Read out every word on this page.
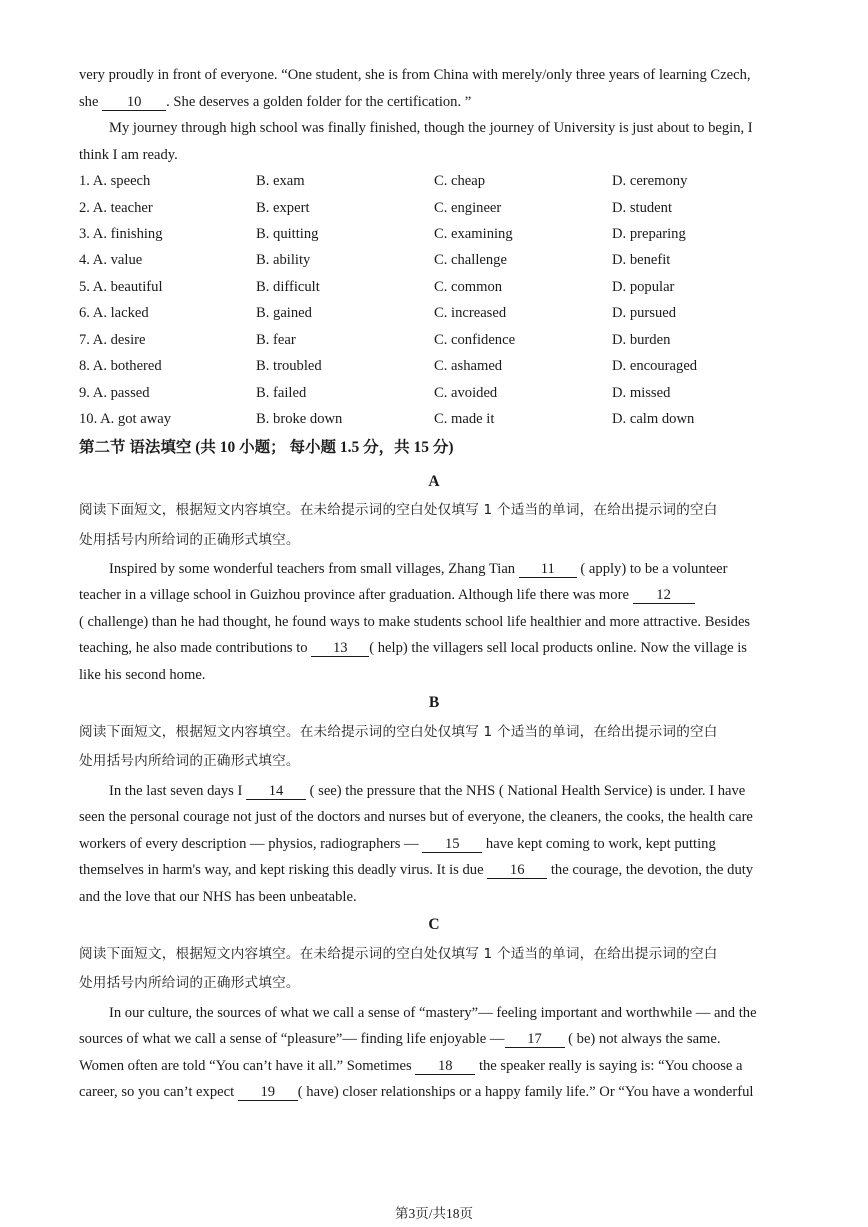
very proudly in front of everyone. “One student, she is from China with merely/only three years of learning Czech,
she 10 . She deserves a golden folder for the certification. ”
My journey through high school was finally finished, though the journey of University is just about to begin, I
think I am ready.
1. A. speech	B. exam	C. cheap	D. ceremony
2. A. teacher	B. expert	C. engineer	D. student
3. A. finishing	B. quitting	C. examining	D. preparing
4. A. value	B. ability	C. challenge	D. benefit
5. A. beautiful	B. difficult	C. common	D. popular
6. A. lacked	B. gained	C. increased	D. pursued
7. A. desire	B. fear	C. confidence	D. burden
8. A. bothered	B. troubled	C. ashamed	D. encouraged
9. A. passed	B. failed	C. avoided	D. missed
10. A. got away	B. broke down	C. made it	D. calm down
第二节 语法填空 (共 10 小题； 每小题 1.5 分，共 15 分)
A
阅读下面短文，根据短文内容填空。在未给提示词的空白处仅填写 1 个适当的单词，在给出提示词的空白
处用括号内所给词的正确形式填空。
Inspired by some wonderful teachers from small villages, Zhang Tian 11 ( apply) to be a volunteer
teacher in a village school in Guizhou province after graduation. Although life there was more 12
( challenge) than he had thought, he found ways to make students school life healthier and more attractive. Besides
teaching, he also made contributions to 13 ( help) the villagers sell local products online. Now the village is
like his second home.
B
阅读下面短文，根据短文内容填空。在未给提示词的空白处仅填写 1 个适当的单词，在给出提示词的空白
处用括号内所给词的正确形式填空。
In the last seven days I 14 ( see) the pressure that the NHS ( National Health Service) is under. I have
seen the personal courage not just of the doctors and nurses but of everyone, the cleaners, the cooks, the health care
workers of every description — physios, radiographers — 15 have kept coming to work, kept putting
themselves in harm's way, and kept risking this deadly virus. It is due 16 the courage, the devotion, the duty
and the love that our NHS has been unbeatable.
C
阅读下面短文，根据短文内容填空。在未给提示词的空白处仅填写 1 个适当的单词，在给出提示词的空白
处用括号内所给词的正确形式填空。
In our culture, the sources of what we call a sense of “mastery”— feeling important and worthwhile — and the
sources of what we call a sense of “pleasure”— finding life enjoyable — 17 ( be) not always the same.
Women often are told “You can’t have it all.” Sometimes 18 the speaker really is saying is: “You choose a
career, so you can’t expect 19 ( have) closer relationships or a happy family life.” Or “You have a wonderful
第3页/共18页
